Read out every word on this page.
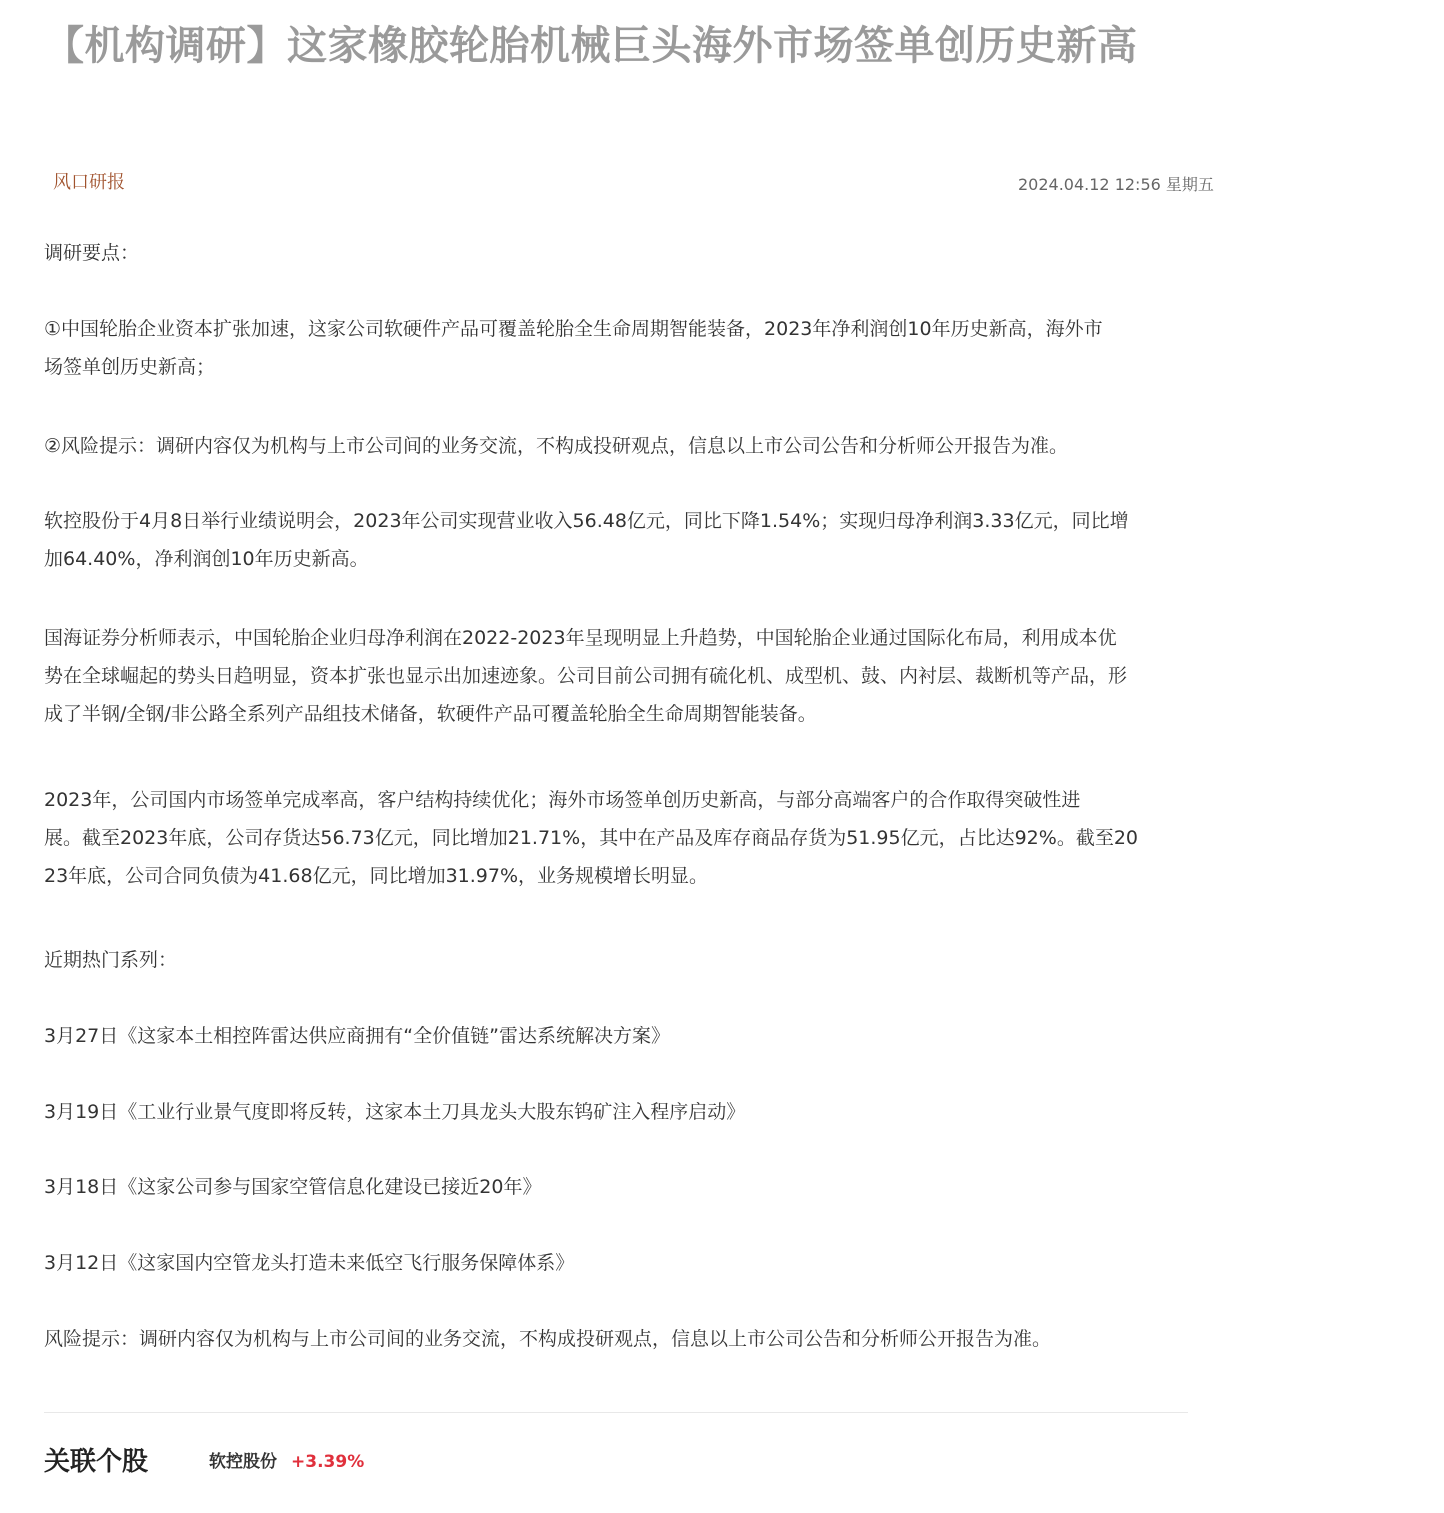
【机构调研】这家橡胶轮胎机械巨头海外市场签单创历史新高
风口研报	2024.04.12 12:56 星期五

调研要点：

①中国轮胎企业资本扩张加速，这家公司软硬件产品可覆盖轮胎全生命周期智能装备，2023年净利润创10年历史新高，海外市
场签单创历史新高；

②风险提示：调研内容仅为机构与上市公司间的业务交流，不构成投研观点，信息以上市公司公告和分析师公开报告为准。

软控股份于4月8日举行业绩说明会，2023年公司实现营业收入56.48亿元，同比下降1.54%；实现归母净利润3.33亿元，同比增
加64.40%，净利润创10年历史新高。

国海证券分析师表示，中国轮胎企业归母净利润在2022-2023年呈现明显上升趋势，中国轮胎企业通过国际化布局，利用成本优
势在全球崛起的势头日趋明显，资本扩张也显示出加速迹象。公司目前公司拥有硫化机、成型机、鼓、内衬层、裁断机等产品，形
成了半钢/全钢/非公路全系列产品组技术储备，软硬件产品可覆盖轮胎全生命周期智能装备。

2023年，公司国内市场签单完成率高，客户结构持续优化；海外市场签单创历史新高，与部分高端客户的合作取得突破性进
展。截至2023年底，公司存货达56.73亿元，同比增加21.71%，其中在产品及库存商品存货为51.95亿元，占比达92%。截至20
23年底，公司合同负债为41.68亿元，同比增加31.97%，业务规模增长明显。

近期热门系列：

3月27日《这家本土相控阵雷达供应商拥有“全价值链”雷达系统解决方案》

3月19日《工业行业景气度即将反转，这家本土刀具龙头大股东钨矿注入程序启动》

3月18日《这家公司参与国家空管信息化建设已接近20年》

3月12日《这家国内空管龙头打造未来低空飞行服务保障体系》

风险提示：调研内容仅为机构与上市公司间的业务交流，不构成投研观点，信息以上市公司公告和分析师公开报告为准。

关联个股	软控股份 +3.39%
